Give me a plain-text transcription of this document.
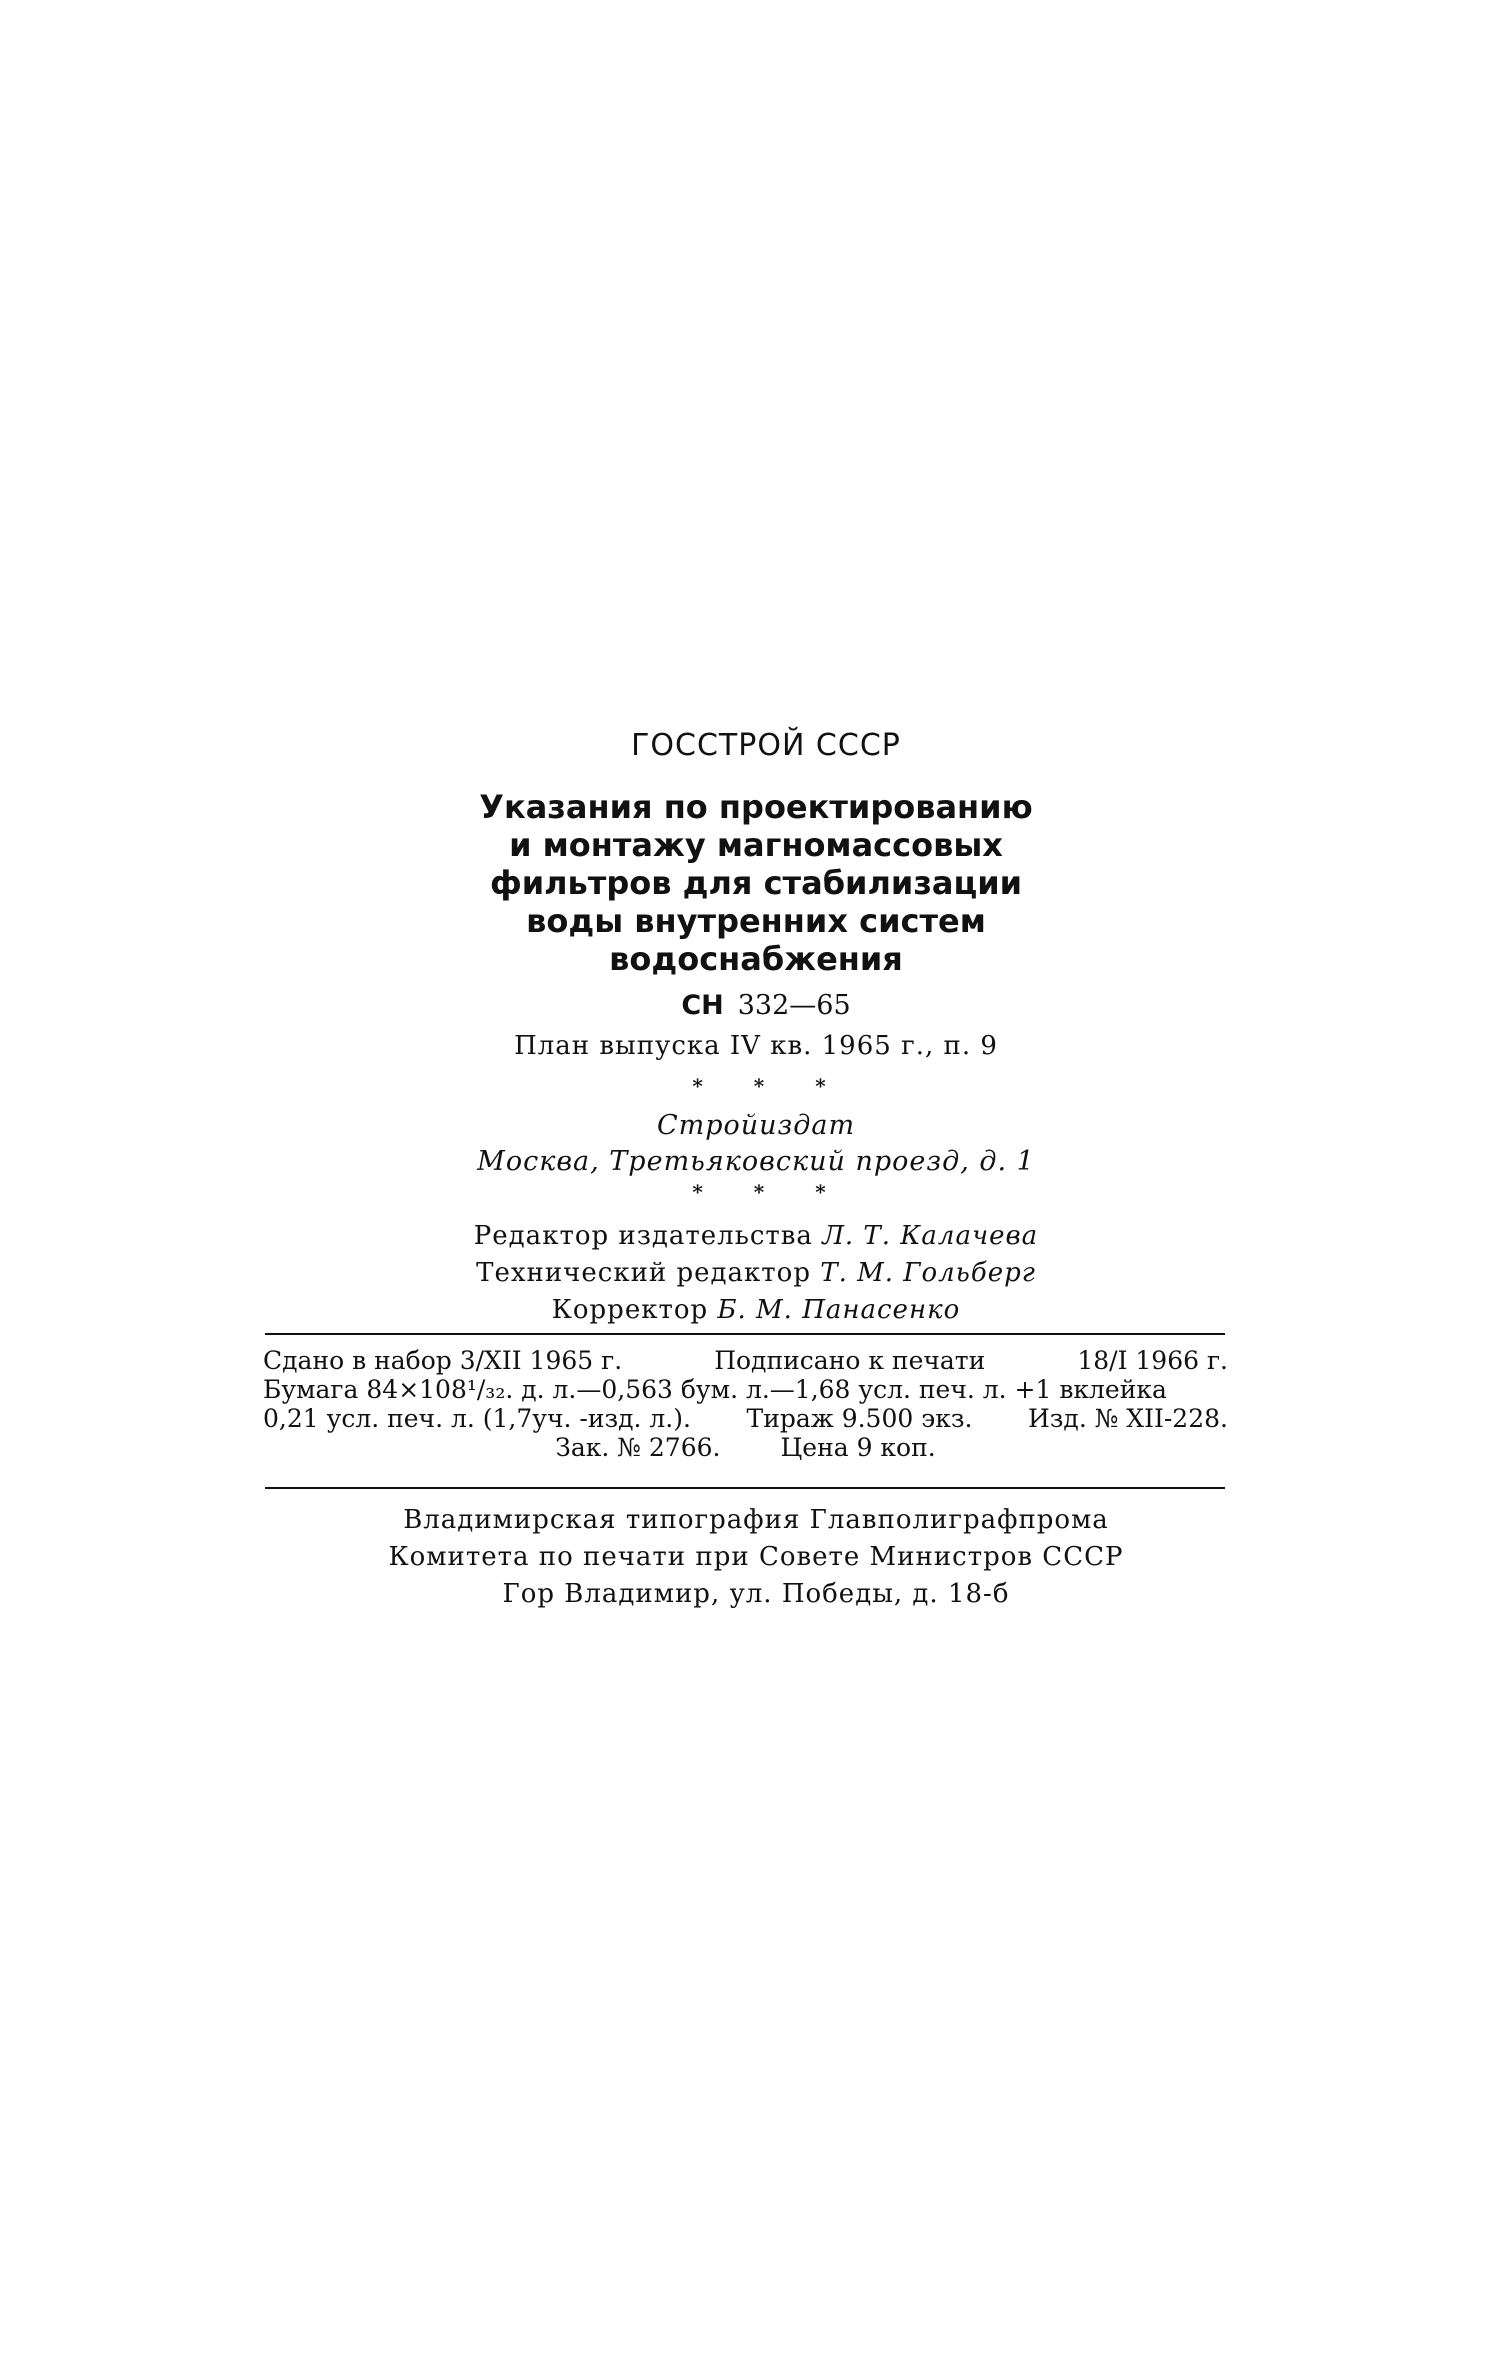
ГОССТРОЙ СССР
Указания по проектированию
и монтажу магномассовых
фильтров для стабилизации
воды внутренних систем
водоснабжения
СН 332—65
План выпуска IV кв. 1965 г., п. 9
* * *
Стройиздат
Москва, Третьяковский проезд, д. 1
* * *
Редактор издательства Л. Т. Калачева
Технический редактор Т. М. Гольберг
Корректор Б. М. Панасенко
Сдано в набор 3/XII 1965 г.	Подписано к печати	18/I 1966 г.
Бумага 84×108¹/₃₂. д. л.—0,563 бум. л.—1,68 усл. печ. л. +1 вклейка
0,21 усл. печ. л. (1,7уч. -изд. л.). Тираж 9.500 экз. Изд. № XII-228.
Зак. № 2766. Цена 9 коп.
Владимирская типография Главполиграфпрома
Комитета по печати при Совете Министров СССР
Гор Владимир, ул. Победы, д. 18-б
